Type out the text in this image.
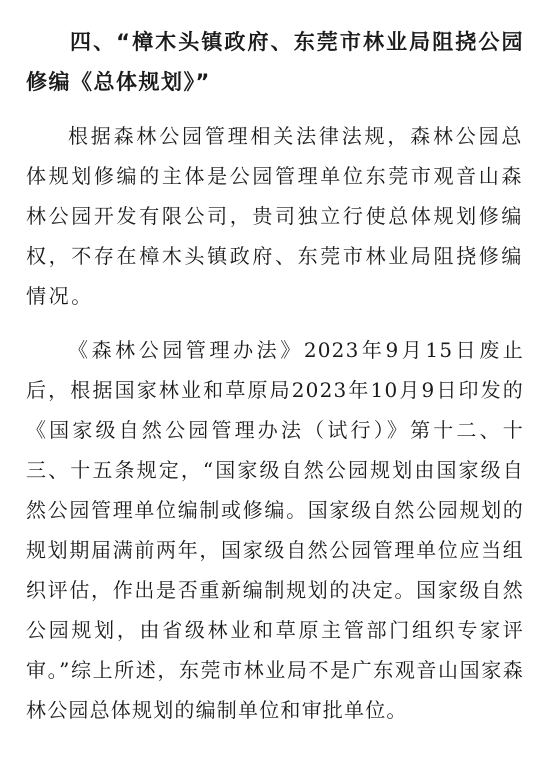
四、“樟木头镇政府、东莞市林业局阻挠公园修编《总体规划》”

根据森林公园管理相关法律法规，森林公园总体规划修编的主体是公园管理单位东莞市观音山森林公园开发有限公司，贵司独立行使总体规划修编权，不存在樟木头镇政府、东莞市林业局阻挠修编情况。

《森林公园管理办法》2023年9月15日废止后，根据国家林业和草原局2023年10月9日印发的《国家级自然公园管理办法（试行）》第十二、十三、十五条规定，“国家级自然公园规划由国家级自然公园管理单位编制或修编。国家级自然公园规划的规划期届满前两年，国家级自然公园管理单位应当组织评估，作出是否重新编制规划的决定。国家级自然公园规划，由省级林业和草原主管部门组织专家评审。”综上所述，东莞市林业局不是广东观音山国家森林公园总体规划的编制单位和审批单位。
